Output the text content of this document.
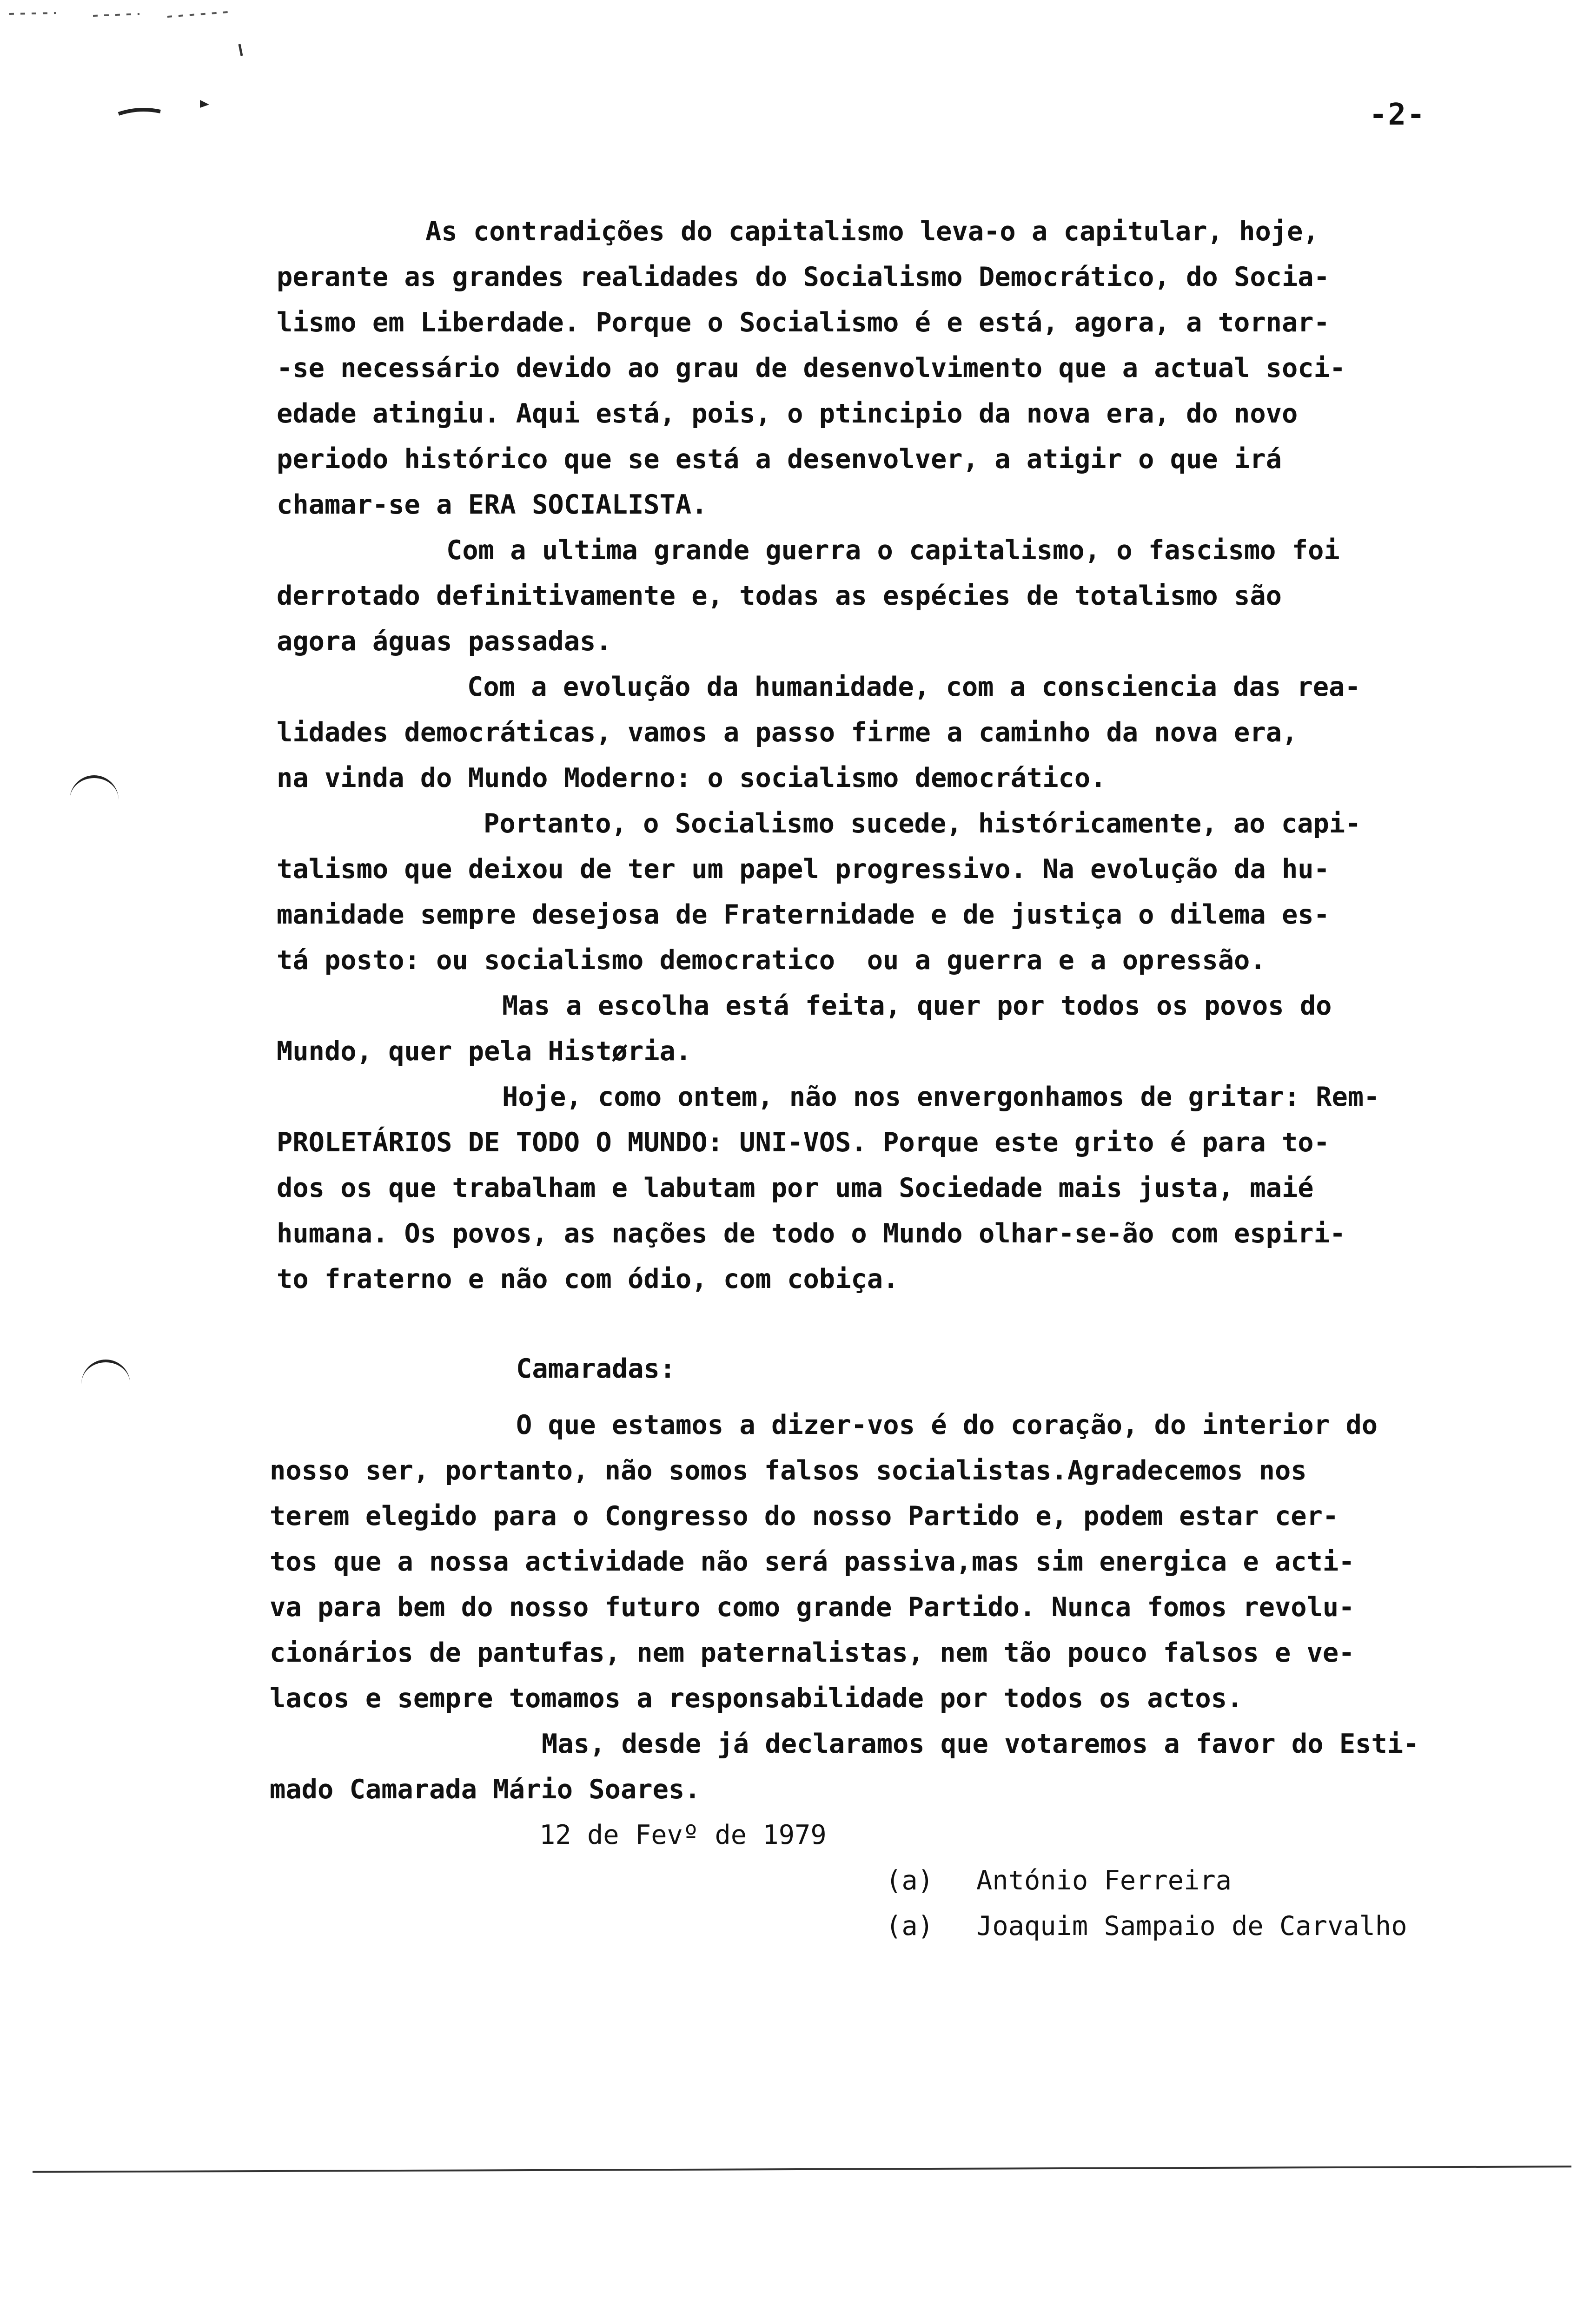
-2-
As contradições do capitalismo leva-o a capitular, hoje,
perante as grandes realidades do Socialismo Democrático, do Socia-
lismo em Liberdade. Porque o Socialismo é e está, agora, a tornar-
-se necessário devido ao grau de desenvolvimento que a actual soci-
edade atingiu. Aqui está, pois, o ptincipio da nova era, do novo
periodo histórico que se está a desenvolver, a atigir o que irá
chamar-se a ERA SOCIALISTA.
Com a ultima grande guerra o capitalismo, o fascismo foi
derrotado definitivamente e, todas as espécies de totalismo são
agora águas passadas.
Com a evolução da humanidade, com a consciencia das rea-
lidades democráticas, vamos a passo firme a caminho da nova era,
na vinda do Mundo Moderno: o socialismo democrático.
Portanto, o Socialismo sucede, históricamente, ao capi-
talismo que deixou de ter um papel progressivo. Na evolução da hu-
manidade sempre desejosa de Fraternidade e de justiça o dilema es-
tá posto: ou socialismo democratico  ou a guerra e a opressão.
Mas a escolha está feita, quer por todos os povos do
Mundo, quer pela Histøria.
Hoje, como ontem, não nos envergonhamos de gritar: Rem-
PROLETÁRIOS DE TODO O MUNDO: UNI-VOS. Porque este grito é para to-
dos os que trabalham e labutam por uma Sociedade mais justa, maié
humana. Os povos, as nações de todo o Mundo olhar-se-ão com espiri-
to fraterno e não com ódio, com cobiça.
Camaradas:
O que estamos a dizer-vos é do coração, do interior do
nosso ser, portanto, não somos falsos socialistas.Agradecemos nos
terem elegido para o Congresso do nosso Partido e, podem estar cer-
tos que a nossa actividade não será passiva,mas sim energica e acti-
va para bem do nosso futuro como grande Partido. Nunca fomos revolu-
cionários de pantufas, nem paternalistas, nem tão pouco falsos e ve-
lacos e sempre tomamos a responsabilidade por todos os actos.
Mas, desde já declaramos que votaremos a favor do Esti-
mado Camarada Mário Soares.
12 de Fevº de 1979
(a) António Ferreira
(a) Joaquim Sampaio de Carvalho
